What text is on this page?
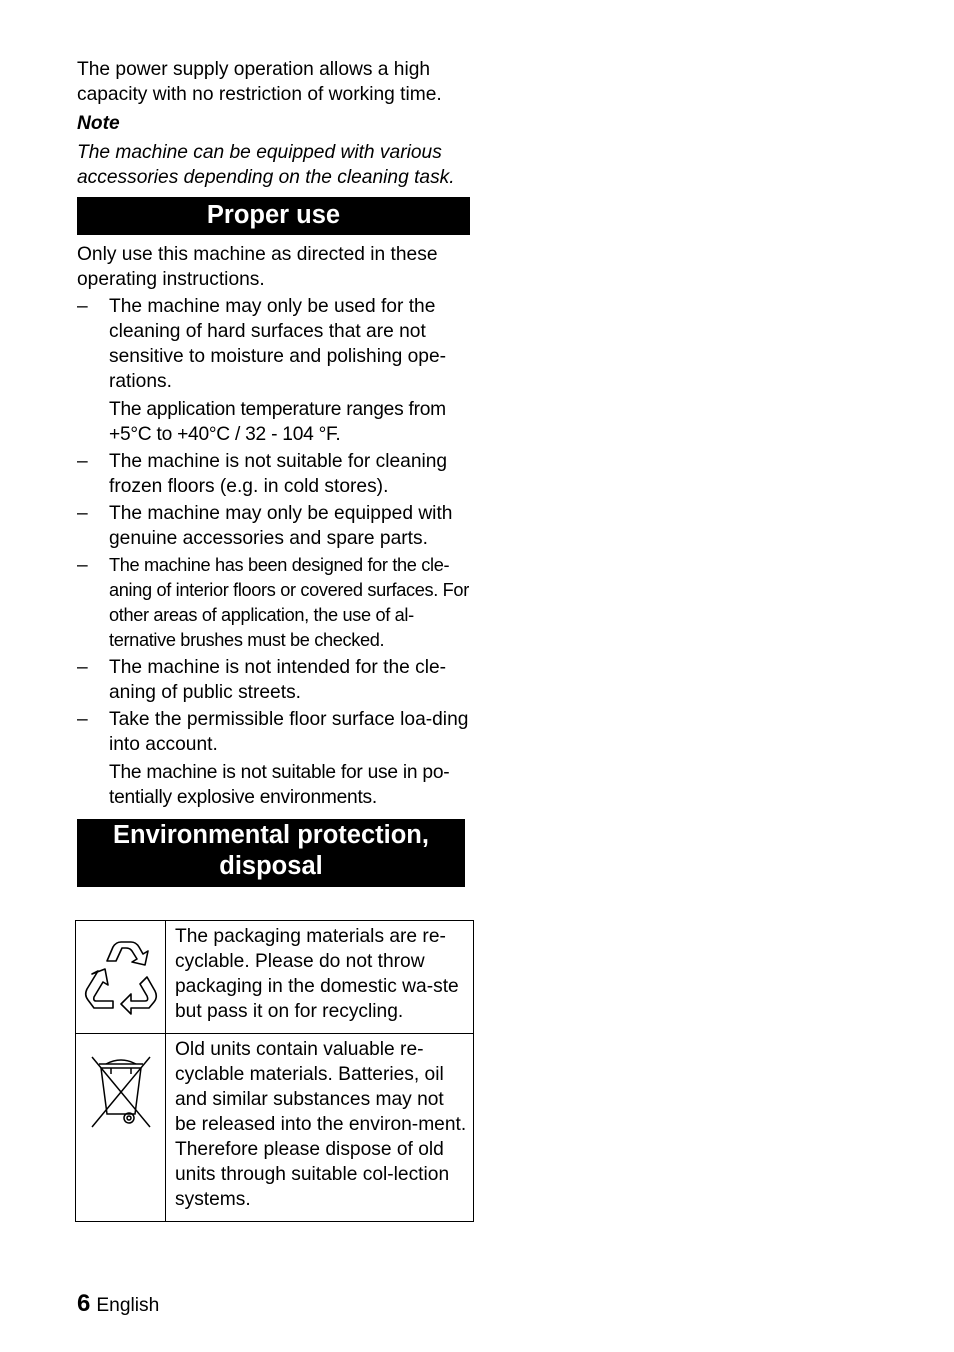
The power supply operation allows a high capacity with no restriction of working time.

Note

The machine can be equipped with various accessories depending on the cleaning task.

Proper use

Only use this machine as directed in these operating instructions.

– The machine may only be used for the cleaning of hard surfaces that are not sensitive to moisture and polishing ope-rations.

The application temperature ranges from +5°C to +40°C / 32 - 104 °F.

– The machine is not suitable for cleaning frozen floors (e.g. in cold stores).

– The machine may only be equipped with genuine accessories and spare parts.

– The machine has been designed for the cle-aning of interior floors or covered surfaces. For other areas of application, the use of al-ternative brushes must be checked.

– The machine is not intended for the cle-aning of public streets.

– Take the permissible floor surface loa-ding into account.

The machine is not suitable for use in po-tentially explosive environments.

Environmental protection,
disposal

The packaging materials are re-cyclable. Please do not throw packaging in the domestic wa-ste but pass it on for recycling.

Old units contain valuable re-cyclable materials. Batteries, oil and similar substances may not be released into the environ-ment. Therefore please dispose of old units through suitable col-lection systems.

6 English
